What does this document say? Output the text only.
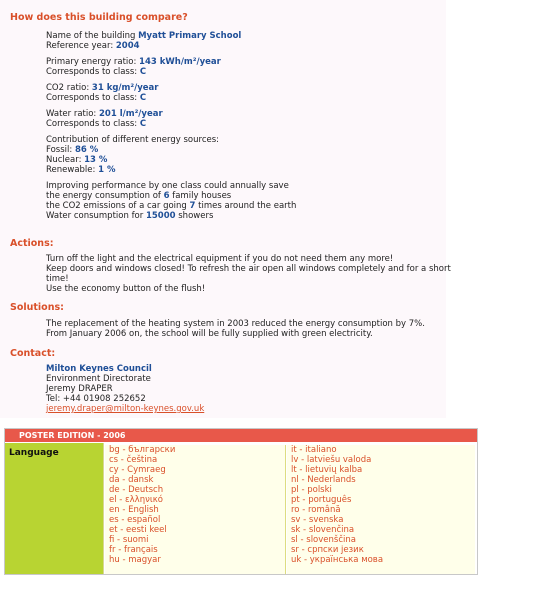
How does this building compare?

Name of the building Myatt Primary School

Reference year: 2004

Primary energy ratio: 143 kWh/m²/year

Corresponds to class: C

CO2 ratio: 31 kg/m²/year

Corresponds to class: C

Water ratio: 201 l/m²/year

Corresponds to class: C

Contribution of different energy sources:

Fossil: 86 %

Nuclear: 13 %

Renewable: 1 %

Improving performance by one class could annually save

the energy consumption of 6 family houses

the CO2 emissions of a car going 7 times around the earth

Water consumption for 15000 showers

Actions:

Turn off the light and the electrical equipment if you do not need them any more!

Keep doors and windows closed! To refresh the air open all windows completely and for a short

time!

Use the economy button of the flush!

Solutions:

The replacement of the heating system in 2003 reduced the energy consumption by 7%.

From January 2006 on, the school will be fully supplied with green electricity.

Contact:

Milton Keynes Council

Environment Directorate

Jeremy DRAPER

Tel: +44 01908 252652

jeremy.draper@milton-keynes.gov.uk

POSTER EDITION - 2006
Language	bg - български
cs - čeština
cy - Cymraeg
da - dansk
de - Deutsch
el - ελληνικό
en - English
es - español
et - eesti keel
fi - suomi
fr - français
hu - magyar
it - italiano
lv - latviešu valoda
lt - lietuvių kalba
nl - Nederlands
pl - polski
pt - português
ro - română
sv - svenska
sk - slovenčina
sl - slovenščina
sr - српски језик
uk - українська мова
